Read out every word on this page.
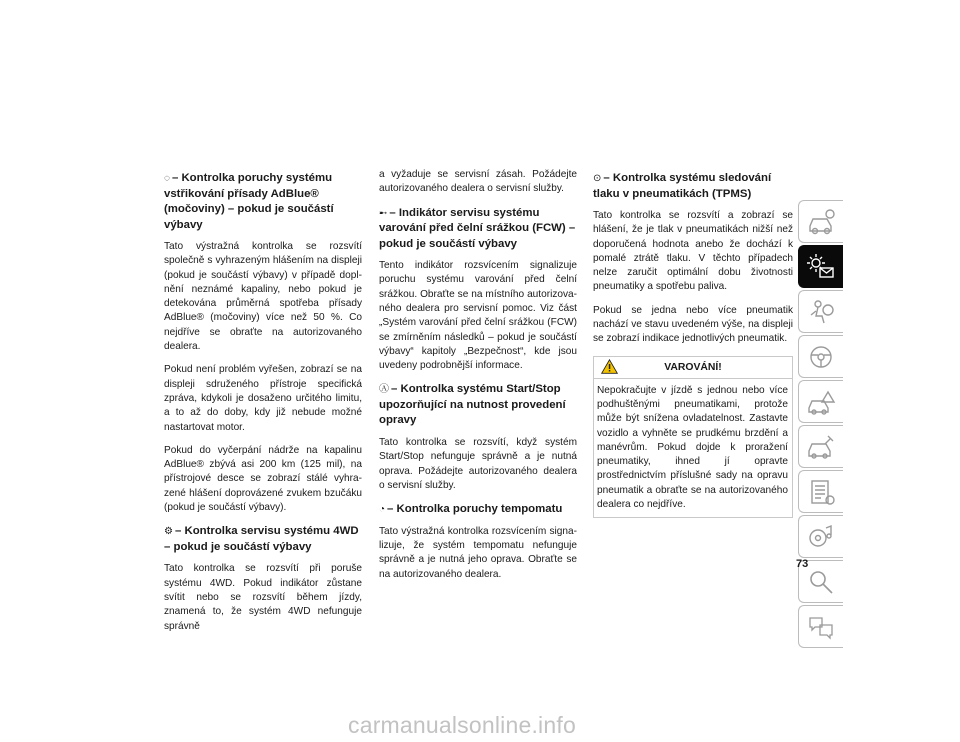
◌ – Kontrolka poruchy systému vstřikování přísady AdBlue® (močoviny) – pokud je součástí výbavy

Tato výstražná kontrolka se rozsvítí společně s vyhrazeným hlášením na displeji (pokud je součástí výbavy) v případě dopl-nění neznámé kapaliny, nebo pokud je detekována průměrná spotřeba přísady AdBlue® (močoviny) více než 50 %. Co nejdříve se obraťte na autorizovaného dealera.

Pokud není problém vyřešen, zobrazí se na displeji sdruženého přístroje specifická zpráva, kdykoli je dosaženo určitého limitu, a to až do doby, kdy již nebude možné nastartovat motor.

Pokud do vyčerpání nádrže na kapalinu AdBlue® zbývá asi 200 km (125 mil), na přístrojové desce se zobrazí stálé vyhra-zené hlášení doprovázené zvukem bzučáku (pokud je součástí výbavy).

⚙ – Kontrolka servisu systému 4WD – pokud je součástí výbavy

Tato kontrolka se rozsvítí při poruše systému 4WD. Pokud indikátor zůstane svítit nebo se rozsvítí během jízdy, znamená to, že systém 4WD nefunguje správně

a vyžaduje se servisní zásah. Požádejte autorizovaného dealera o servisní služby.

➸ – Indikátor servisu systému varování před čelní srážkou (FCW) – pokud je součástí výbavy

Tento indikátor rozsvícením signalizuje poruchu systému varování před čelní srážkou. Obraťte se na místního autorizova-ného dealera pro servisní pomoc. Viz část „Systém varování před čelní srážkou (FCW) se zmírněním následků – pokud je součástí výbavy“ kapitoly „Bezpečnost“, kde jsou uvedeny podrobnější informace.

Ⓐ – Kontrolka systému Start/Stop upozorňující na nutnost provedení opravy

Tato kontrolka se rozsvítí, když systém Start/Stop nefunguje správně a je nutná oprava. Požádejte autorizovaného dealera o servisní služby.

◔ – Kontrolka poruchy tempomatu

Tato výstražná kontrolka rozsvícením signa-lizuje, že systém tempomatu nefunguje správně a je nutná jeho oprava. Obraťte se na autorizovaného dealera.

⊙ – Kontrolka systému sledování tlaku v pneumatikách (TPMS)

Tato kontrolka se rozsvítí a zobrazí se hlášení, že je tlak v pneumatikách nižší než doporučená hodnota anebo že dochází k pomalé ztrátě tlaku. V těchto případech nelze zaručit optimální dobu životnosti pneumatiky a spotřebu paliva.

Pokud se jedna nebo více pneumatik nachází ve stavu uvedeném výše, na displeji se zobrazí indikace jednotlivých pneumatik.

VAROVÁNÍ!

Nepokračujte v jízdě s jednou nebo více podhuštěnými pneumatikami, protože může být snížena ovladatelnost. Zastavte vozidlo a vyhněte se prudkému brzdění a manévrům. Pokud dojde k proražení pneumatiky, ihned jí opravte prostřednictvím příslušné sady na opravu pneumatik a obraťte se na autorizovaného dealera co nejdříve.

73
carmanualsonline.info
